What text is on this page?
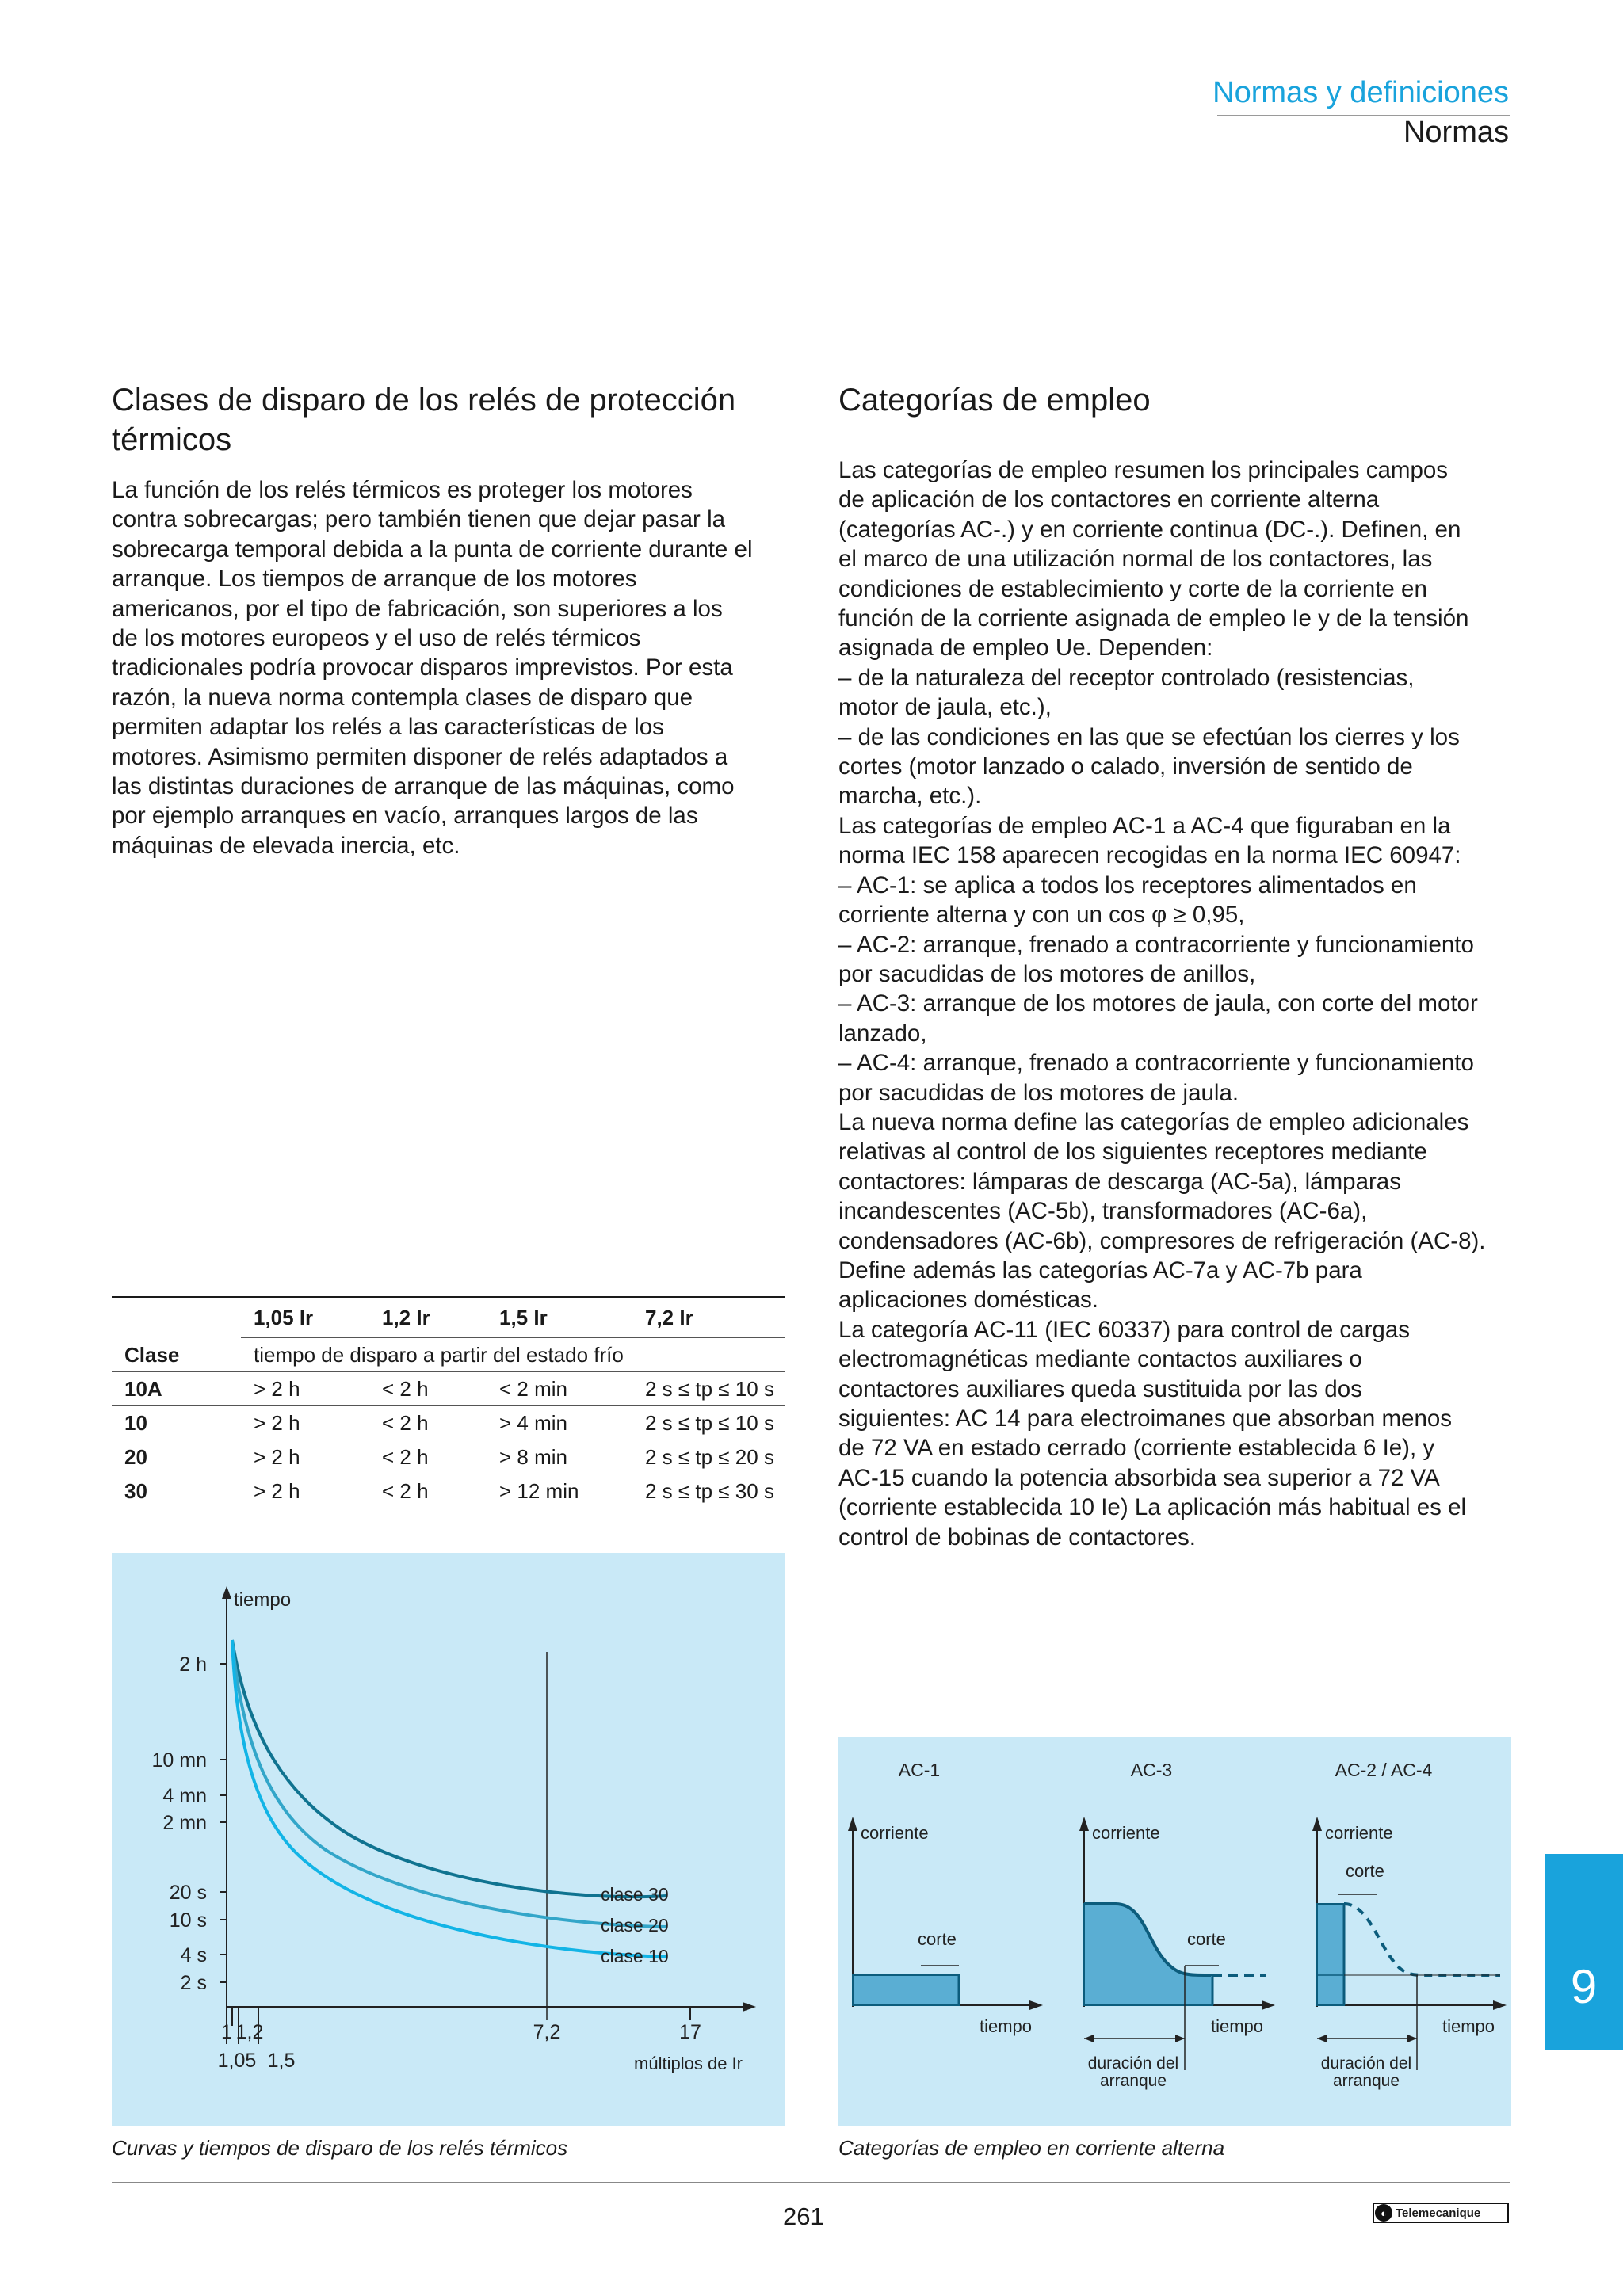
Normas y definiciones
Normas
Clases de disparo de los relés de protección
térmicos
La función de los relés térmicos es proteger los motores
contra sobrecargas; pero también tienen que dejar pasar la
sobrecarga temporal debida a la punta de corriente durante el
arranque. Los tiempos de arranque de los motores
americanos, por el tipo de fabricación, son superiores a los
de los motores europeos y el uso de relés térmicos
tradicionales podría provocar disparos imprevistos. Por esta
razón, la nueva norma contempla clases de disparo que
permiten adaptar los relés a las características de los
motores. Asimismo permiten disponer de relés adaptados a
las distintas duraciones de arranque de las máquinas, como
por ejemplo arranques en vacío, arranques largos de las
máquinas de elevada inercia, etc.
Categorías de empleo
Las categorías de empleo resumen los principales campos
de aplicación de los contactores en corriente alterna
(categorías AC-.) y en corriente continua (DC-.). Definen, en
el marco de una utilización normal de los contactores, las
condiciones de establecimiento y corte de la corriente en
función de la corriente asignada de empleo Ie y de la tensión
asignada de empleo Ue. Dependen:
– de la naturaleza del receptor controlado (resistencias,
motor de jaula, etc.),
– de las condiciones en las que se efectúan los cierres y los
cortes (motor lanzado o calado, inversión de sentido de
marcha, etc.).
Las categorías de empleo AC-1 a AC-4 que figuraban en la
norma IEC 158 aparecen recogidas en la norma IEC 60947:
– AC-1: se aplica a todos los receptores alimentados en
corriente alterna y con un cos φ ≥ 0,95,
– AC-2: arranque, frenado a contracorriente y funcionamiento
por sacudidas de los motores de anillos,
– AC-3: arranque de los motores de jaula, con corte del motor
lanzado,
– AC-4: arranque, frenado a contracorriente y funcionamiento
por sacudidas de los motores de jaula.
La nueva norma define las categorías de empleo adicionales
relativas al control de los siguientes receptores mediante
contactores: lámparas de descarga (AC-5a), lámparas
incandescentes (AC-5b), transformadores (AC-6a),
condensadores (AC-6b), compresores de refrigeración (AC-8).
Define además las categorías AC-7a y AC-7b para
aplicaciones domésticas.
La categoría AC-11 (IEC 60337) para control de cargas
electromagnéticas mediante contactos auxiliares o
contactores auxiliares queda sustituida por las dos
siguientes: AC 14 para electroimanes que absorban menos
de 72 VA en estado cerrado (corriente establecida 6 Ie), y
AC-15 cuando la potencia absorbida sea superior a 72 VA
(corriente establecida 10 Ie) La aplicación más habitual es el
control de bobinas de contactores.
	1,05 Ir	1,2 Ir	1,5 Ir	7,2 Ir
Clase	tiempo de disparo a partir del estado frío			
10A	> 2 h	< 2 h	< 2 min	2 s ≤ tp ≤ 10 s
10	> 2 h	< 2 h	> 4 min	2 s ≤ tp ≤ 10 s
20	> 2 h	< 2 h	> 8 min	2 s ≤ tp ≤ 20 s
30	> 2 h	< 2 h	> 12 min	2 s ≤ tp ≤ 30 s
tiempo
2 h
10 mn
4 mn
2 mn
20 s
10 s
4 s
2 s
1 1,2	7,2	17
1,05 1,5	múltiplos de Ir
clase 30
clase 20
clase 10
Curvas y tiempos de disparo de los relés térmicos
AC-1	AC-3	AC-2 / AC-4
corriente
corte
tiempo
corriente
corte
tiempo
duración del
arranque
corriente
corte
tiempo
duración del
arranque
Categorías de empleo en corriente alterna
9
261	◐ Telemecanique
